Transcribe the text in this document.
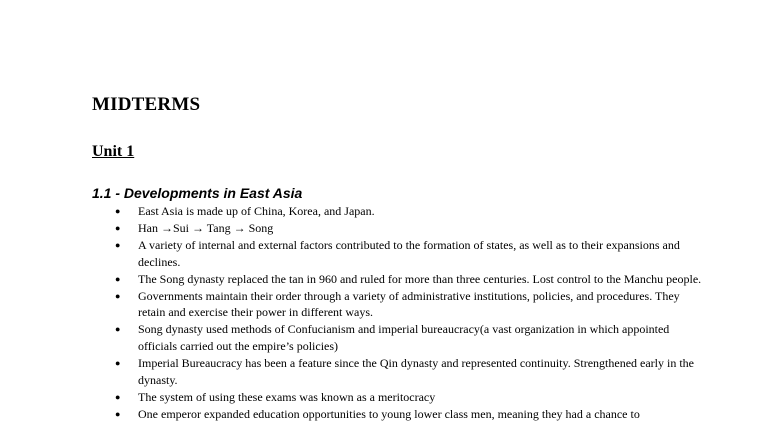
MIDTERMS
Unit 1
1.1 - Developments in East Asia
● East Asia is made up of China, Korea, and Japan.
● Han →Sui → Tang → Song
● A variety of internal and external factors contributed to the formation of states, as well as to their expansions and declines.
● The Song dynasty replaced the tan in 960 and ruled for more than three centuries. Lost control to the Manchu people.
● Governments maintain their order through a variety of administrative institutions, policies, and procedures. They retain and exercise their power in different ways.
● Song dynasty used methods of Confucianism and imperial bureaucracy(a vast organization in which appointed officials carried out the empire’s policies)
● Imperial Bureaucracy has been a feature since the Qin dynasty and represented continuity. Strengthened early in the dynasty.
● The system of using these exams was known as a meritocracy
● One emperor expanded education opportunities to young lower class men, meaning they had a chance to
